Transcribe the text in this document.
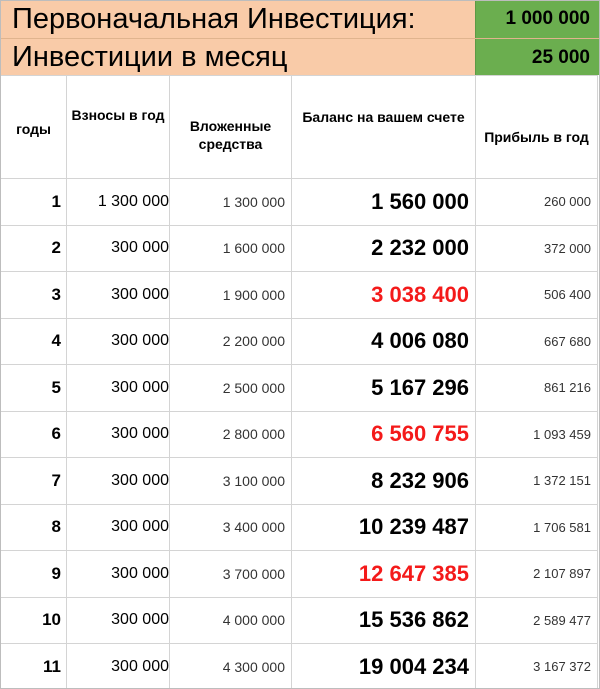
Первоначальная Инвестиция:	1 000 000
Инвестиции в месяц	25 000
годы	Взносы в год	Вложенные средства	Баланс на вашем счете	Прибыль в год
1	1 300 000	1 300 000	1 560 000	260 000
2	300 000	1 600 000	2 232 000	372 000
3	300 000	1 900 000	3 038 400	506 400
4	300 000	2 200 000	4 006 080	667 680
5	300 000	2 500 000	5 167 296	861 216
6	300 000	2 800 000	6 560 755	1 093 459
7	300 000	3 100 000	8 232 906	1 372 151
8	300 000	3 400 000	10 239 487	1 706 581
9	300 000	3 700 000	12 647 385	2 107 897
10	300 000	4 000 000	15 536 862	2 589 477
11	300 000	4 300 000	19 004 234	3 167 372
